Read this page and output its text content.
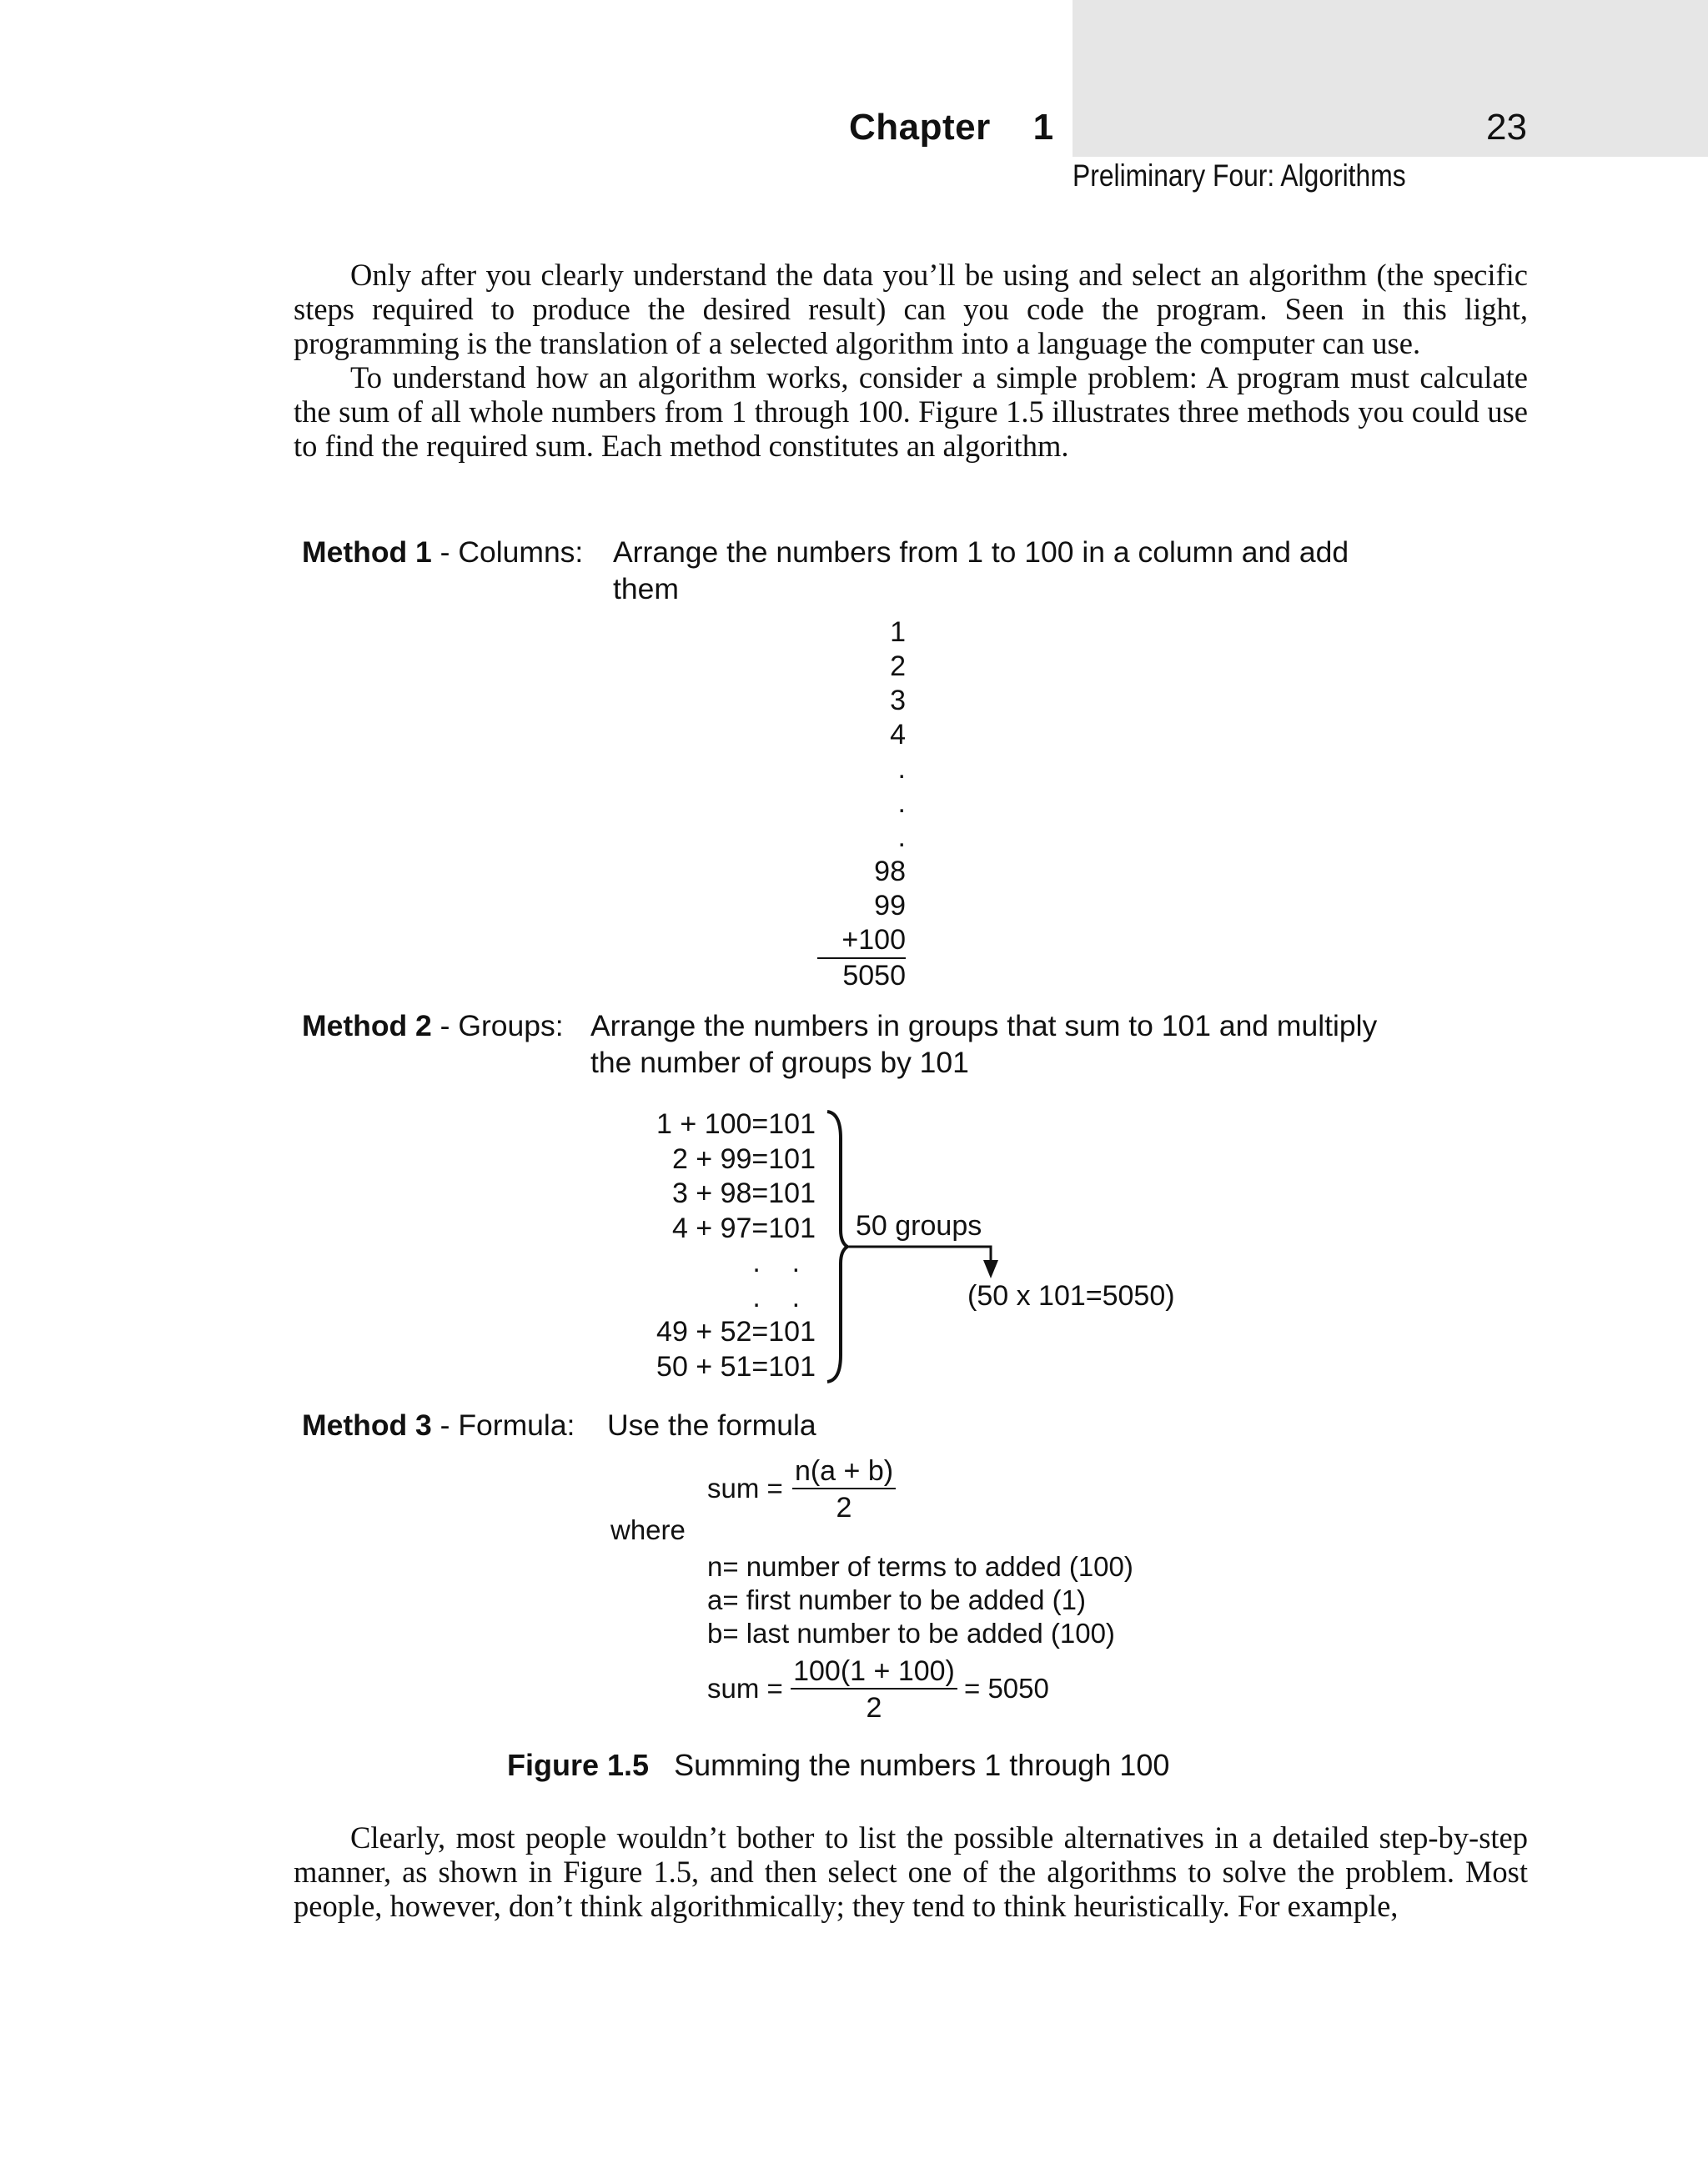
Chapter    1	23
Preliminary Four: Algorithms

Only after you clearly understand the data you’ll be using and select an algorithm (the specific steps required to produce the desired result) can you code the program. Seen in this light, programming is the translation of a selected algorithm into a language the computer can use.

To understand how an algorithm works, consider a simple problem: A program must calculate the sum of all whole numbers from 1 through 100. Figure 1.5 illustrates three methods you could use to find the required sum. Each method constitutes an algorithm.

Method 1 - Columns: Arrange the numbers from 1 to 100 in a column and add
them
1
2
3
4
.
.
.
98
99
+100
5050
Method 2 - Groups: Arrange the numbers in groups that sum to 101 and multiply
the number of groups by 101
1 + 100=101
2 + 99=101
3 + 98=101
4 + 97=101
.    .
.    .
49 + 52=101
50 + 51=101
50 groups
(50 x 101=5050)
Method 3 - Formula: Use the formula
sum = $\frac{n(a + b)}{2}$
where
n= number of terms to added (100)
a= first number to be added (1)
b= last number to be added (100)
sum = $\frac{100(1 + 100)}{2} = 5050$
Figure 1.5 Summing the numbers 1 through 100

Clearly, most people wouldn’t bother to list the possible alternatives in a detailed step-by-step manner, as shown in Figure 1.5, and then select one of the algorithms to solve the problem. Most people, however, don’t think algorithmically; they tend to think heuristically. For example,
